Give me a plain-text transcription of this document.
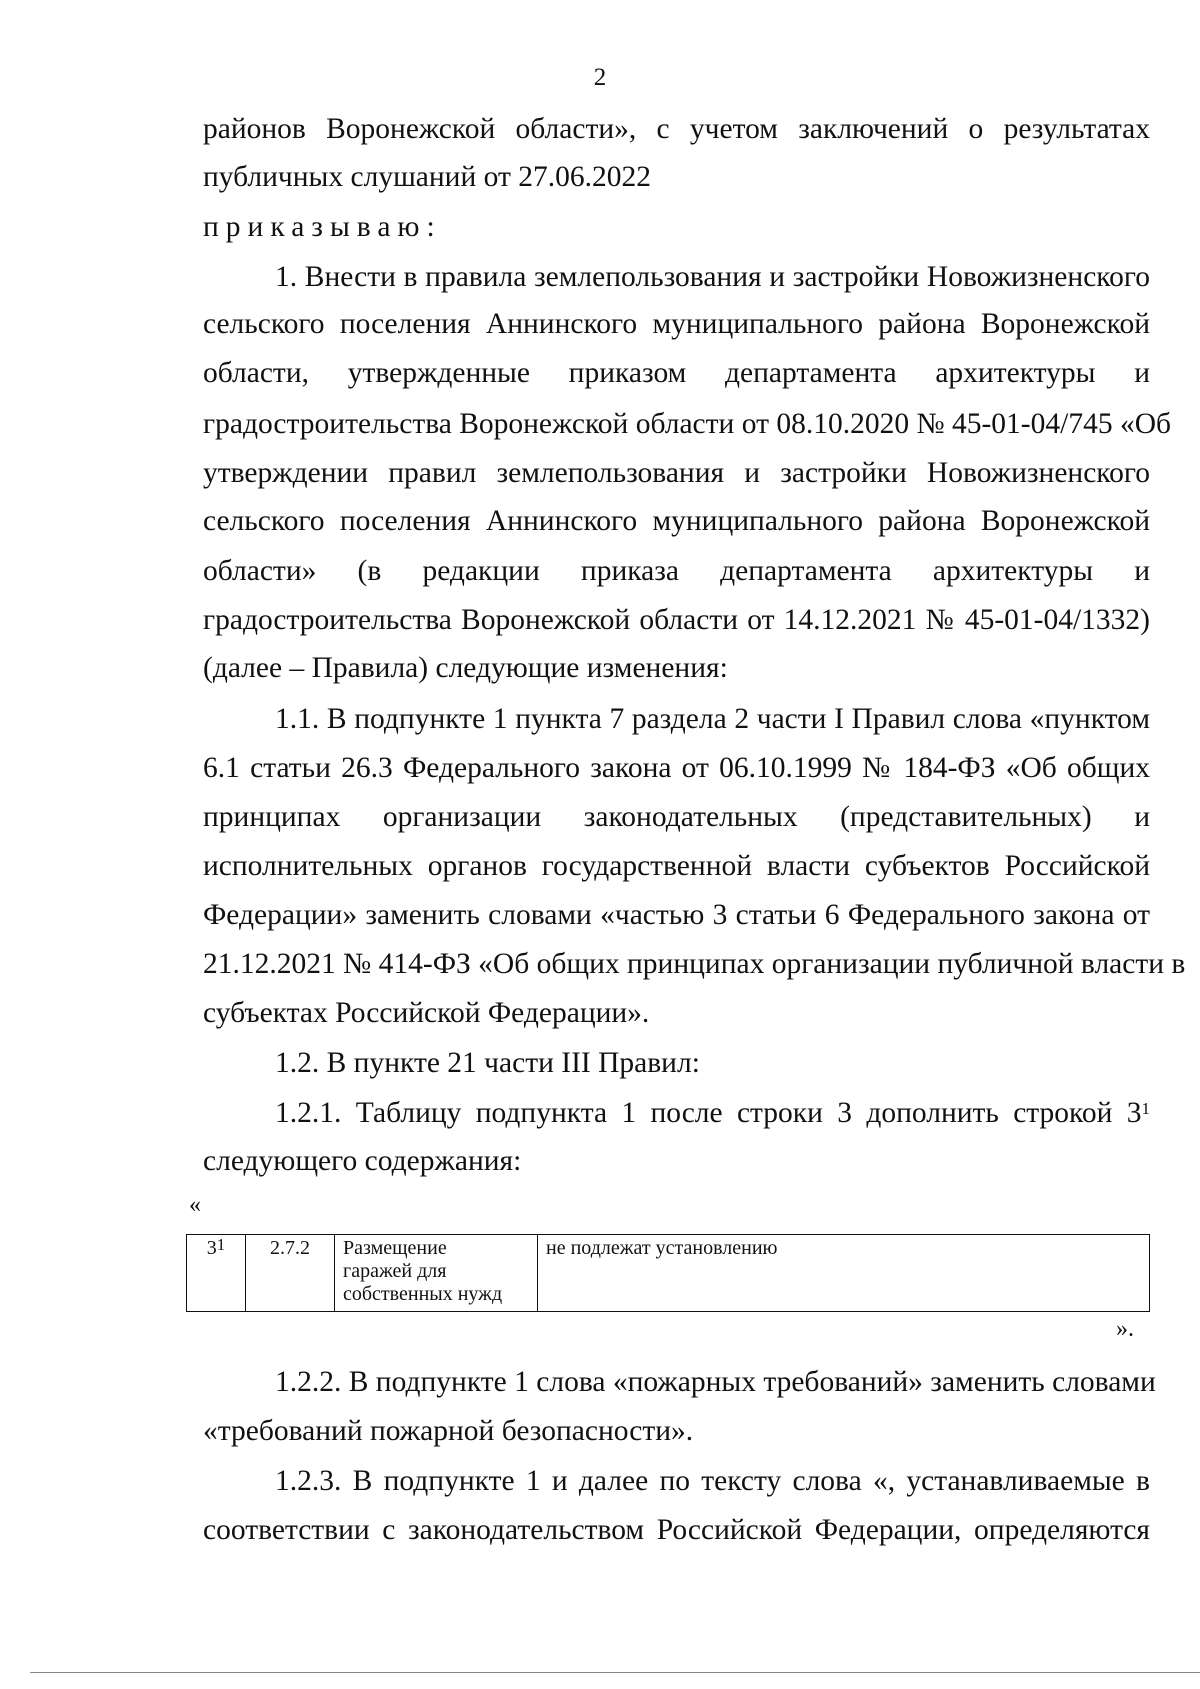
2
районов Воронежской области», с учетом заключений о результатах
публичных слушаний от 27.06.2022
приказываю:
1. Внести в правила землепользования и застройки Новожизненского
сельского поселения Аннинского муниципального района Воронежской
области, утвержденные приказом департамента архитектуры и
градостроительства Воронежской области от 08.10.2020 № 45-01-04/745 «Об
утверждении правил землепользования и застройки Новожизненского
сельского поселения Аннинского муниципального района Воронежской
области» (в редакции приказа департамента архитектуры и
градостроительства Воронежской области от 14.12.2021 № 45-01-04/1332)
(далее – Правила) следующие изменения:
1.1. В подпункте 1 пункта 7 раздела 2 части I Правил слова «пунктом
6.1 статьи 26.3 Федерального закона от 06.10.1999 № 184-ФЗ «Об общих
принципах организации законодательных (представительных) и
исполнительных органов государственной власти субъектов Российской
Федерации» заменить словами «частью 3 статьи 6 Федерального закона от
21.12.2021 № 414-ФЗ «Об общих принципах организации публичной власти в
субъектах Российской Федерации».
1.2. В пункте 21 части III Правил:
1.2.1. Таблицу подпункта 1 после строки 3 дополнить строкой $3^1$
следующего содержания:
«
$3^1$	2.7.2	Размещение
гаражей для
собственных нужд
	не подлежат установлению
».
1.2.2. В подпункте 1 слова «пожарных требований» заменить словами
«требований пожарной безопасности».
1.2.3. В подпункте 1 и далее по тексту слова «, устанавливаемые в
соответствии с законодательством Российской Федерации, определяются
